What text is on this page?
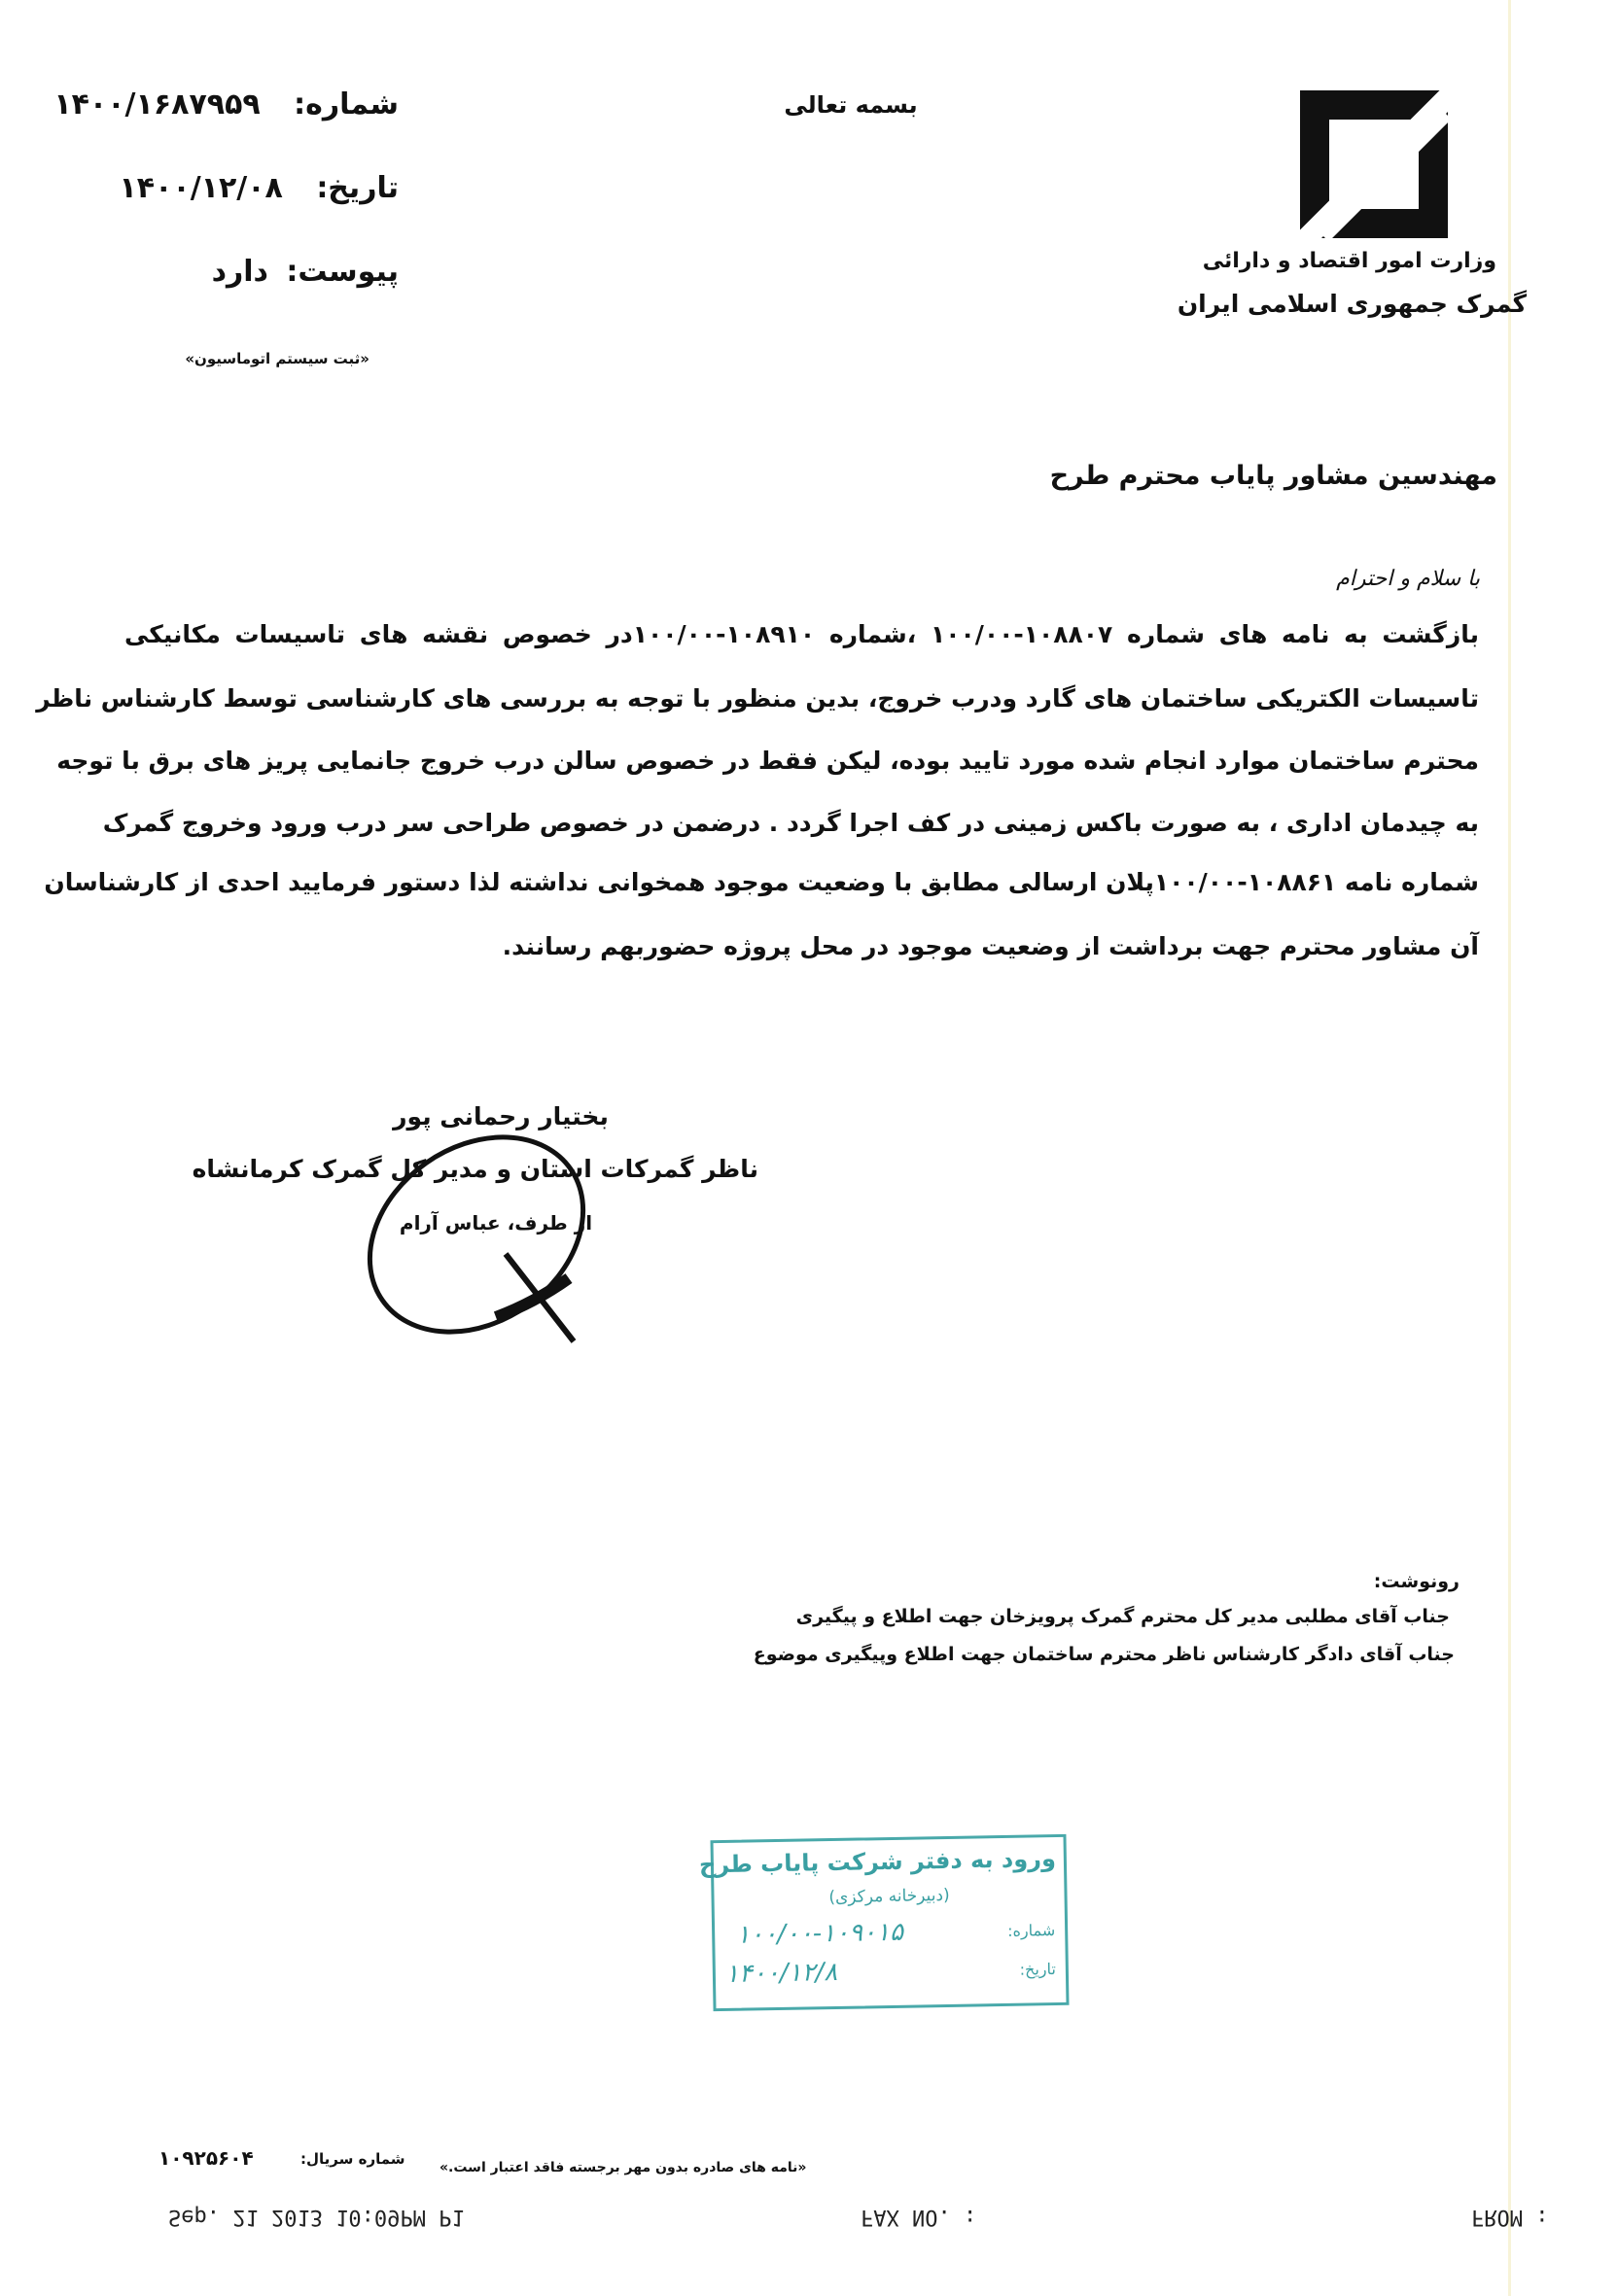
شماره: ۱۴۰۰/۱۶۸۷۹۵۹
تاریخ: ۱۴۰۰/۱۲/۰۸
پیوست: دارد
«ثبت سیستم اتوماسیون»
بسمه تعالی
وزارت امور اقتصاد و دارائی
گمرک جمهوری اسلامی ایران
مهندسین مشاور پایاب محترم طرح
با سلام و احترام
بازگشت به نامه های شماره ۱۰۸۸۰۷-۱۰۰/۰۰ ،شماره ۱۰۸۹۱۰-۱۰۰/۰۰در خصوص نقشه های تاسیسات مکانیکی
تاسیسات الکتریکی ساختمان های گارد ودرب خروج، بدین منظور با توجه به بررسی های کارشناسی توسط کارشناس ناظر
محترم ساختمان موارد انجام شده مورد تایید بوده، لیکن فقط در خصوص سالن درب خروج جانمایی پریز های برق با توجه
به چیدمان اداری ، به صورت باکس زمینی در کف اجرا گردد . درضمن در خصوص طراحی سر درب ورود وخروج گمرک
شماره نامه ۱۰۸۸۶۱-۱۰۰/۰۰پلان ارسالی مطابق با وضعیت موجود همخوانی نداشته لذا دستور فرمایید احدی از کارشناسان
آن مشاور محترم جهت برداشت از وضعیت موجود در محل پروژه حضوربهم رسانند.
بختیار رحمانی پور
ناظر گمرکات استان و مدیر کل گمرک کرمانشاه
از طرف، عباس آرام
رونوشت:
جناب آقای مطلبی مدیر کل محترم گمرک پرویزخان جهت اطلاع و پیگیری
جناب آقای دادگر کارشناس ناظر محترم ساختمان جهت اطلاع وپیگیری موضوع
ورود به دفتر شرکت پایاب طرح
(دبیرخانه مرکزی)
شماره:
۱۰۰/۰۰-۱۰۹۰۱۵
تاریخ:
۱۴۰۰/۱۲/۸
۱۰۹۲۵۶۰۴	شماره سریال:	«نامه های صادره بدون مهر برجسته فاقد اعتبار است.»
Sep. 21 2013 10:09PM P1	FAX NO. :	FROM :
